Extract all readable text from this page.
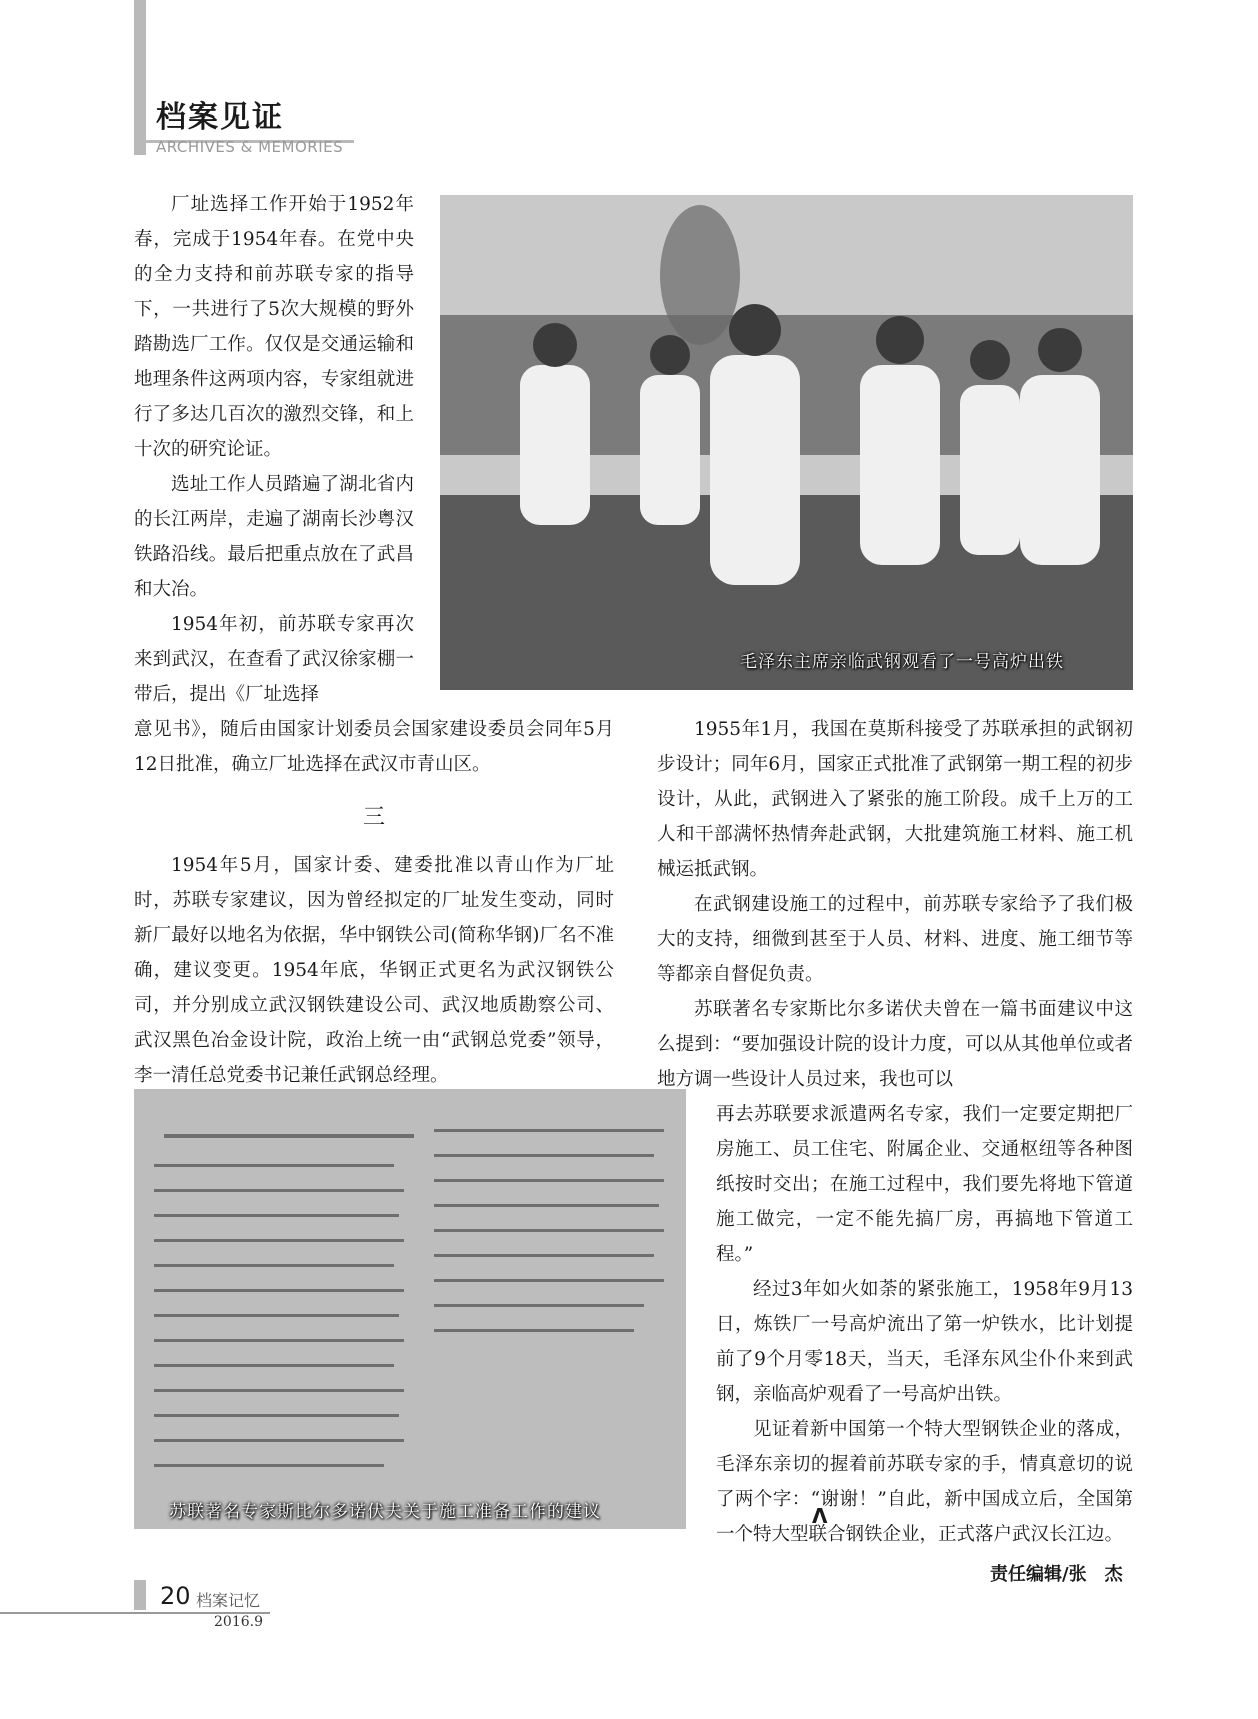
档案见证
ARCHIVES & MEMORIES

厂址选择工作开始于1952年春，完成于1954年春。在党中央的全力支持和前苏联专家的指导下，一共进行了5次大规模的野外踏勘选厂工作。仅仅是交通运输和地理条件这两项内容，专家组就进行了多达几百次的激烈交锋，和上十次的研究论证。

选址工作人员踏遍了湖北省内的长江两岸，走遍了湖南长沙粤汉铁路沿线。最后把重点放在了武昌和大冶。

1954年初，前苏联专家再次来到武汉，在查看了武汉徐家棚一带后，提出《厂址选择

毛泽东主席亲临武钢观看了一号高炉出铁

意见书》，随后由国家计划委员会国家建设委员会同年5月12日批准，确立厂址选择在武汉市青山区。

三

1954年5月，国家计委、建委批准以青山作为厂址时，苏联专家建议，因为曾经拟定的厂址发生变动，同时新厂最好以地名为依据，华中钢铁公司(简称华钢)厂名不准确，建议变更。1954年底，华钢正式更名为武汉钢铁公司，并分别成立武汉钢铁建设公司、武汉地质勘察公司、武汉黑色冶金设计院，政治上统一由“武钢总党委”领导，李一清任总党委书记兼任武钢总经理。

苏联著名专家斯比尔多诺伏夫关于施工准备工作的建议

1955年1月，我国在莫斯科接受了苏联承担的武钢初步设计；同年6月，国家正式批准了武钢第一期工程的初步设计，从此，武钢进入了紧张的施工阶段。成千上万的工人和干部满怀热情奔赴武钢，大批建筑施工材料、施工机械运抵武钢。

在武钢建设施工的过程中，前苏联专家给予了我们极大的支持，细微到甚至于人员、材料、进度、施工细节等等都亲自督促负责。

苏联著名专家斯比尔多诺伏夫曾在一篇书面建议中这么提到：“要加强设计院的设计力度，可以从其他单位或者地方调一些设计人员过来，我也可以

再去苏联要求派遣两名专家，我们一定要定期把厂房施工、员工住宅、附属企业、交通枢纽等各种图纸按时交出；在施工过程中，我们要先将地下管道施工做完，一定不能先搞厂房，再搞地下管道工程。”

经过3年如火如荼的紧张施工，1958年9月13日，炼铁厂一号高炉流出了第一炉铁水，比计划提前了9个月零18天，当天，毛泽东风尘仆仆来到武钢，亲临高炉观看了一号高炉出铁。

见证着新中国第一个特大型钢铁企业的落成，毛泽东亲切的握着前苏联专家的手，情真意切的说了两个字：“谢谢！”自此，新中国成立后，全国第一个特大型联合钢铁企业，正式落户武汉长江边。

Λ
责任编辑/张　杰
20 档案记忆
2016.9
